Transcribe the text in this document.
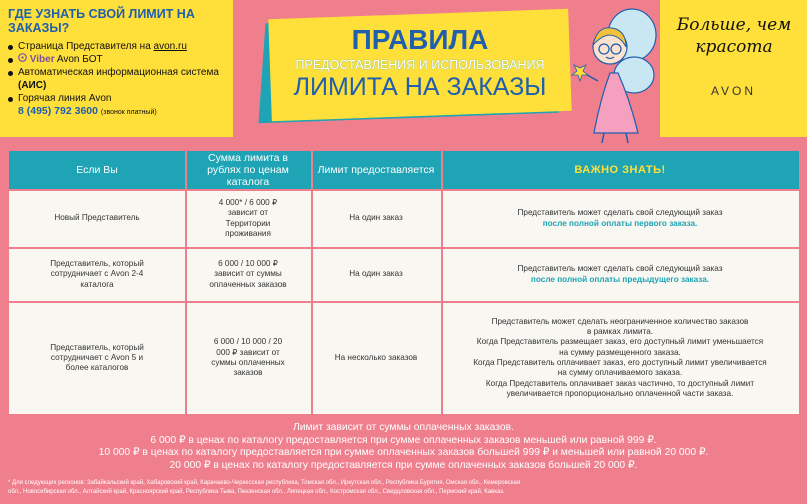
ГДЕ УЗНАТЬ СВОЙ ЛИМИТ НА ЗАКАЗЫ?
Страница Представителя на avon.ru
Viber Avon БОТ
Автоматическая информационная система (АИС)
Горячая линия Avon
8 (495) 792 3600 (звонок платный)
ПРАВИЛА
ПРЕДОСТАВЛЕНИЯ И ИСПОЛЬЗОВАНИЯ
ЛИМИТА НА ЗАКАЗЫ
Больше, чем красота
AVON
Если Вы
Сумма лимита в рублях по ценам каталога
Лимит предоставляется	ВАЖНО ЗНАТЬ!
Новый Представитель
4 000* / 6 000 ₽ зависит от Территории проживания
На один заказ
Представитель может сделать свой следующий заказ
после полной оплаты первого заказа.
Представитель, который сотрудничает с Avon 2-4 каталога
6 000 / 10 000 ₽ зависит от суммы оплаченных заказов
На один заказ
Представитель может сделать свой следующий заказ
после полной оплаты предыдущего заказа.
Представитель, который сотрудничает с Avon 5 и более каталогов
6 000 / 10 000 / 20 000 ₽ зависит от суммы оплаченных заказов
На несколько заказов
Представитель может сделать неограниченное количество заказов
в рамках лимита.
Когда Представитель размещает заказ, его доступный лимит уменьшается
на сумму размещенного заказа.
Когда Представитель оплачивает заказ, его доступный лимит увеличивается
на сумму оплачиваемого заказа.
Когда Представитель оплачивает заказ частично, то доступный лимит
увеличивается пропорционально оплаченной части заказа.
Лимит зависит от суммы оплаченных заказов.
6 000 ₽ в ценах по каталогу предоставляется при сумме оплаченных заказов меньшей или равной 999 ₽.
10 000 ₽ в ценах по каталогу предоставляется при сумме оплаченных заказов большей 999 ₽ и меньшей или равной 20 000 ₽.
20 000 ₽ в ценах по каталогу предоставляется при сумме оплаченных заказов большей 20 000 ₽.
* Для следующих регионов: Забайкальский край, Хабаровский край, Карачаево-Черкесская республика, Томская обл., Иркутская обл., Республика Бурятия, Омская обл., Кемеровская обл., Новосибирская обл., Алтайский край, Красноярский край, Республика Тыва, Пензенская обл., Липецкая обл., Костромская обл., Свердловская обл., Пермский край, Кавказ.
